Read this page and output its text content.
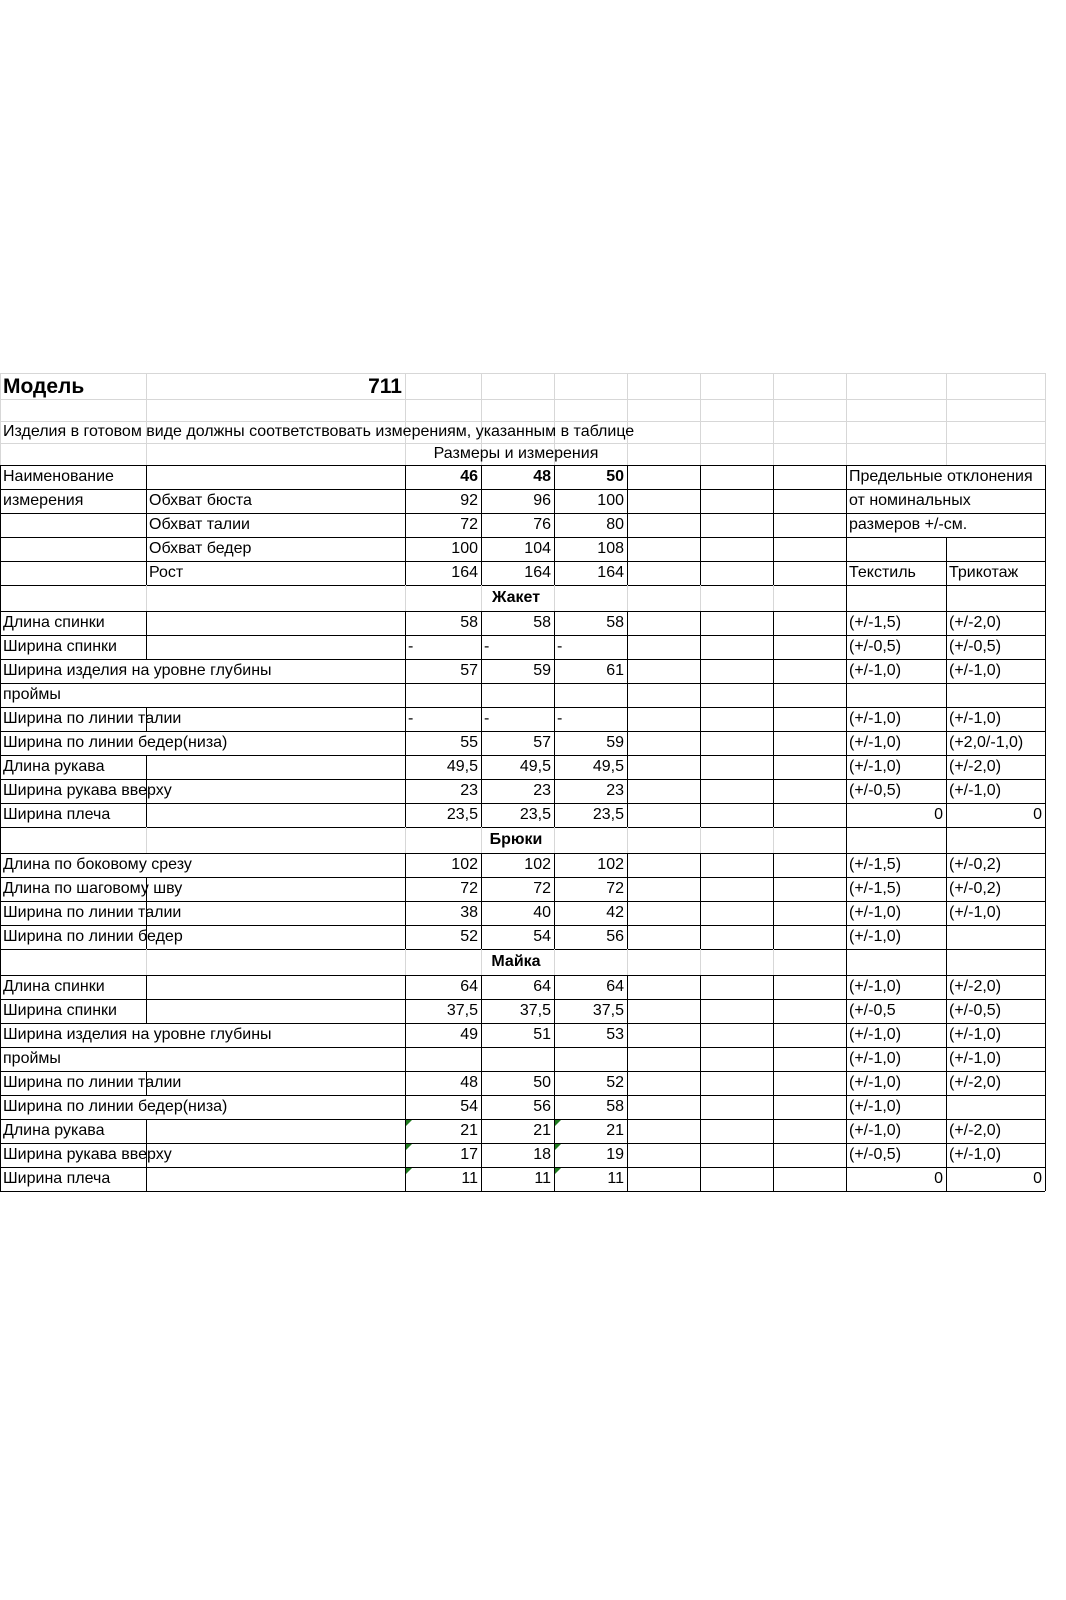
Модель	711
Изделия в готовом виде должны соответствовать измерениям, указанным в таблице
Размеры и измерения
Наименование	46	48	50	Предельные отклонения
измерения	Обхват бюста	92	96	100	от номинальных
Обхват талии	72	76	80	размеров +/-см.
Обхват бедер	100	104	108
Рост	164	164	164	Текстиль	Трикотаж
Жакет
Длина спинки	58	58	58	(+/-1,5)	(+/-2,0)
Ширина спинки	-	-	-	(+/-0,5)	(+/-0,5)
Ширина изделия на уровне глубины	57	59	61	(+/-1,0)	(+/-1,0)
проймы
Ширина по линии талии	-	-	-	(+/-1,0)	(+/-1,0)
Ширина по линии бедер(низа)	55	57	59	(+/-1,0)	(+2,0/-1,0)
Длина рукава	49,5	49,5	49,5	(+/-1,0)	(+/-2,0)
Ширина рукава вверху	23	23	23	(+/-0,5)	(+/-1,0)
Ширина плеча	23,5	23,5	23,5	0	0
Брюки
Длина по боковому срезу	102	102	102	(+/-1,5)	(+/-0,2)
Длина по шаговому шву	72	72	72	(+/-1,5)	(+/-0,2)
Ширина по линии талии	38	40	42	(+/-1,0)	(+/-1,0)
Ширина по линии бедер	52	54	56	(+/-1,0)
Майка
Длина спинки	64	64	64	(+/-1,0)	(+/-2,0)
Ширина спинки	37,5	37,5	37,5	(+/-0,5	(+/-0,5)
Ширина изделия на уровне глубины	49	51	53	(+/-1,0)	(+/-1,0)
проймы	(+/-1,0)	(+/-1,0)
Ширина по линии талии	48	50	52	(+/-1,0)	(+/-2,0)
Ширина по линии бедер(низа)	54	56	58	(+/-1,0)
Длина рукава	21	21	21	(+/-1,0)	(+/-2,0)
Ширина рукава вверху	17	18	19	(+/-0,5)	(+/-1,0)
Ширина плеча	11	11	11	0	0
